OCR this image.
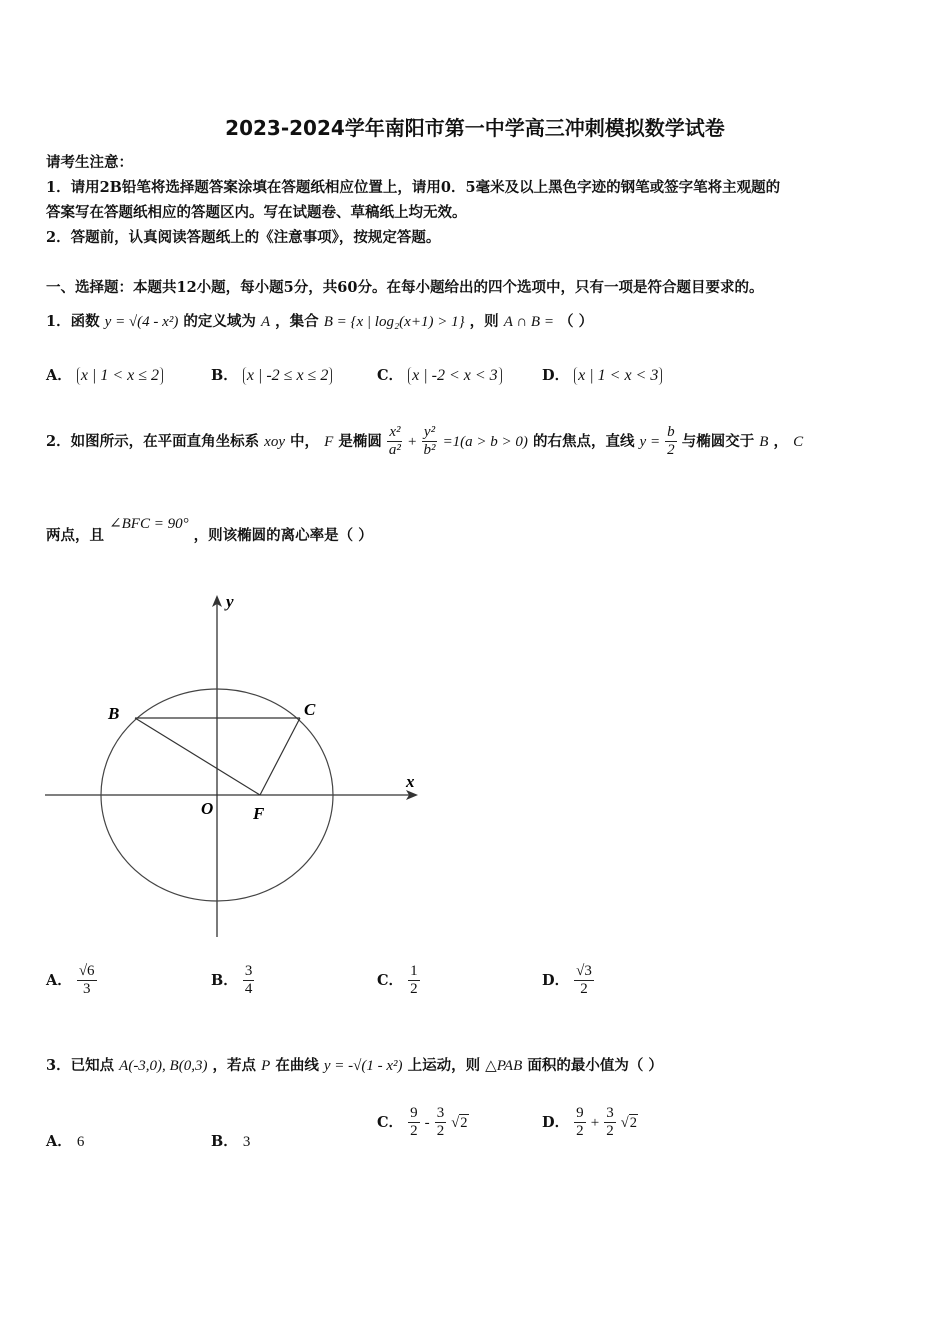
2023-2024学年南阳市第一中学高三冲刺模拟数学试卷
请考生注意：
1．请用2B铅笔将选择题答案涂填在答题纸相应位置上，请用0．5毫米及以上黑色字迹的钢笔或签字笔将主观题的
答案写在答题纸相应的答题区内。写在试题卷、草稿纸上均无效。
2．答题前，认真阅读答题纸上的《注意事项》，按规定答题。
一、选择题：本题共12小题，每小题5分，共60分。在每小题给出的四个选项中，只有一项是符合题目要求的。
1．函数 y = √(4 - x²) 的定义域为 A ，集合 B = {x | log₂(x+1) > 1} ，则 A ∩ B = （ ）
A． x | 1 < x ≤ 2	B． x | -2 ≤ x ≤ 2	C． x | -2 < x < 3	D． x | 1 < x < 3
2．如图所示，在平面直角坐标系 xoy 中， F 是椭圆 $\frac{\text{x²}}{\text{a²}} + \frac{\text{y²}}{\text{b²}} =1(a > b > 0)$ 的右焦点，直线 $y = \frac{b}{2}$ 与椭圆交于 B ， C
两点，且 ∠BFC = 90° ，则该椭圆的离心率是（ ）
y
x
B	C
O F
A． $\frac{√6}{3}$	B． $\frac{3}{4}$	C． $\frac{1}{2}$	D． $\frac{√3}{2}$
3．已知点 A(-3,0), B(0,3) ，若点 P 在曲线 y = -√(1 - x²) 上运动，则 △PAB 面积的最小值为（ ）
A． 6	B． 3
C． $\frac{9}{2} - \frac{3}{2} √2$	D． $\frac{9}{2} + \frac{3}{2} √2$
